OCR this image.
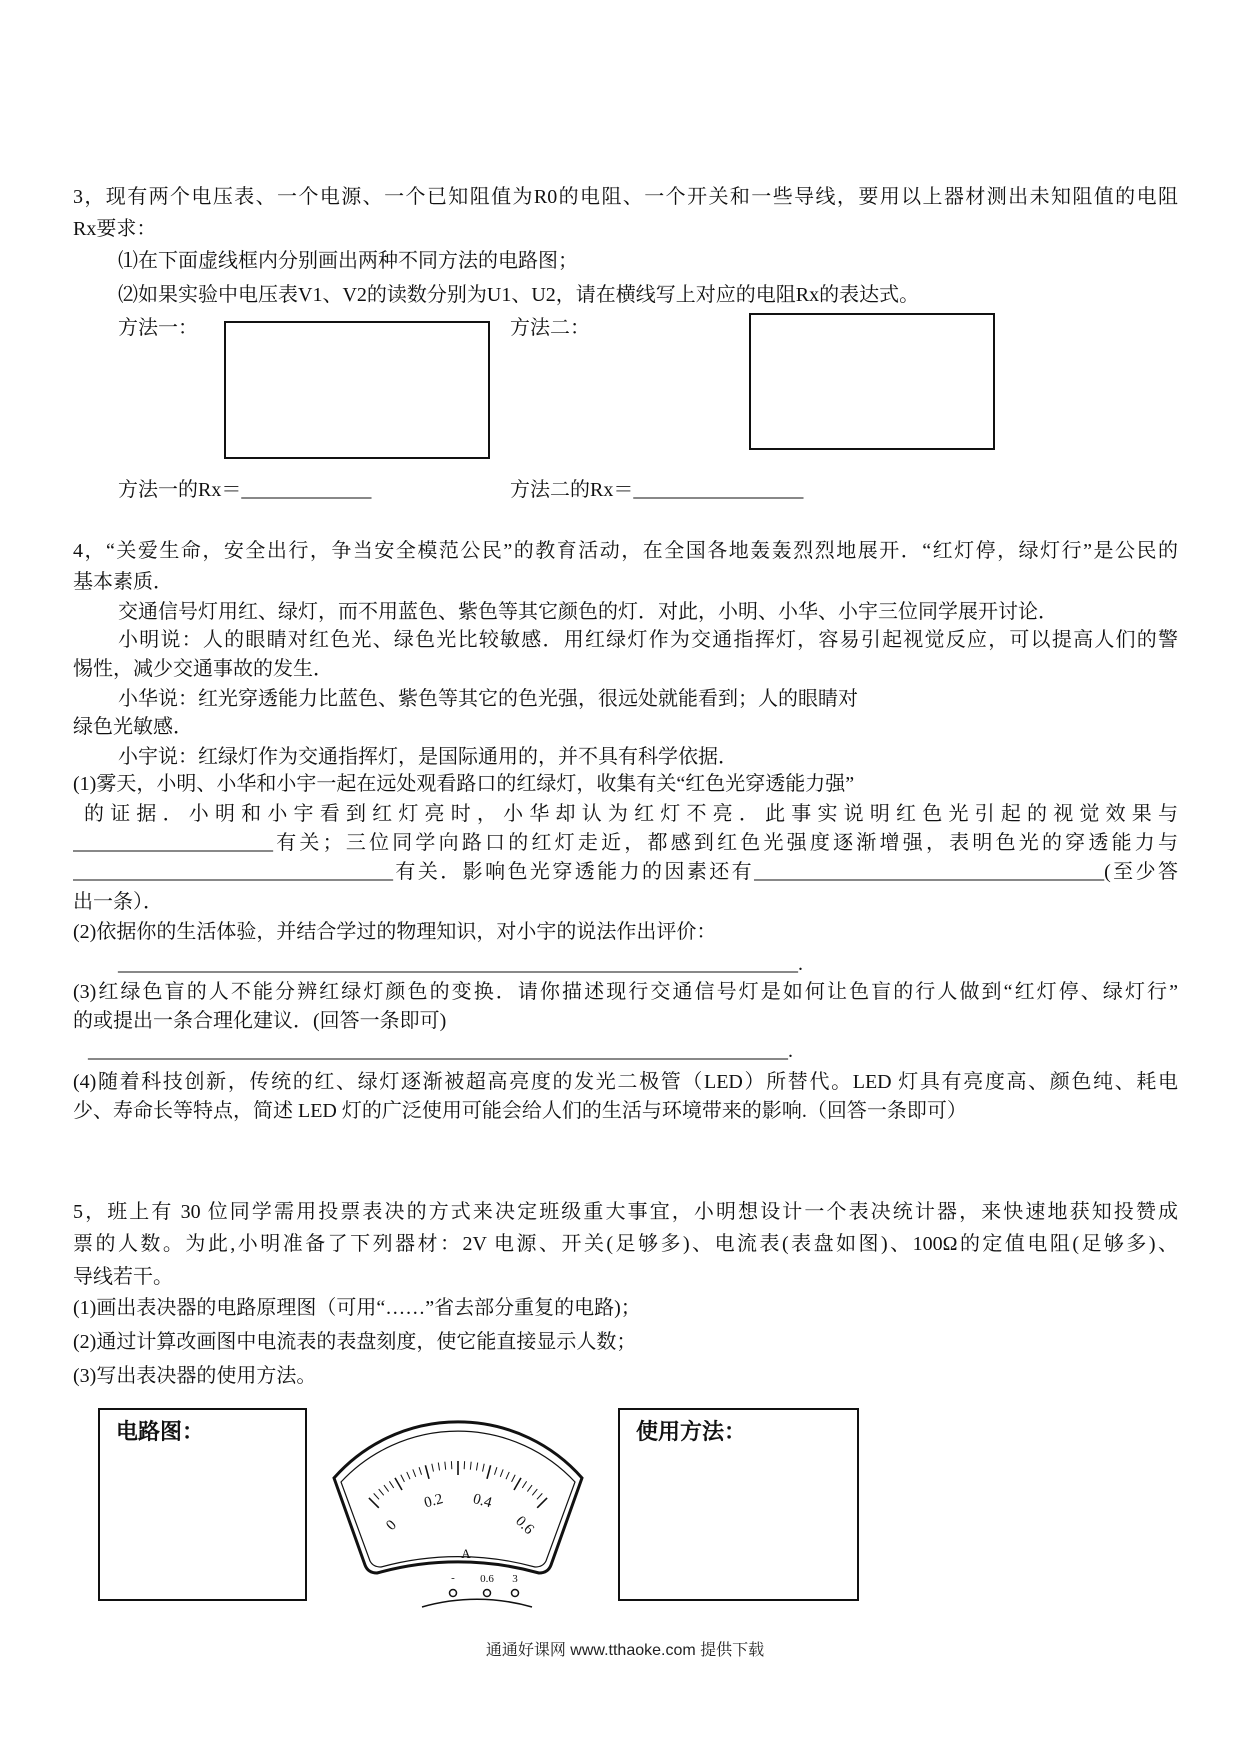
3，现有两个电压表、一个电源、一个已知阻值为R0的电阻、一个开关和一些导线，要用以上器材测出未知阻值的电阻
Rx要求：
⑴在下面虚线框内分别画出两种不同方法的电路图；
⑵如果实验中电压表V1、V2的读数分别为U1、U2，请在横线写上对应的电阻Rx的表达式。
方法一：	方法二：
方法一的Rx＝_____________	方法二的Rx＝_________________
4，“关爱生命，安全出行，争当安全模范公民”的教育活动，在全国各地轰轰烈烈地展开．“红灯停，绿灯行”是公民的
基本素质．
交通信号灯用红、绿灯，而不用蓝色、紫色等其它颜色的灯．对此，小明、小华、小宇三位同学展开讨论．
小明说：人的眼睛对红色光、绿色光比较敏感．用红绿灯作为交通指挥灯，容易引起视觉反应，可以提高人们的警
惕性，减少交通事故的发生．
小华说：红光穿透能力比蓝色、紫色等其它的色光强，很远处就能看到；人的眼睛对
绿色光敏感．
小宇说：红绿灯作为交通指挥灯，是国际通用的，并不具有科学依据．
(1)雾天，小明、小华和小宇一起在远处观看路口的红绿灯，收集有关“红色光穿透能力强”
的证据．小明和小宇看到红灯亮时，小华却认为红灯不亮．此事实说明红色光引起的视觉效果与
____________________有关；三位同学向路口的红灯走近，都感到红色光强度逐渐增强，表明色光的穿透能力与
________________________________有关．影响色光穿透能力的因素还有___________________________________(至少答
出一条）．
(2)依据你的生活体验，并结合学过的物理知识，对小宇的说法作出评价：
____________________________________________________________________.
(3)红绿色盲的人不能分辨红绿灯颜色的变换．请你描述现行交通信号灯是如何让色盲的行人做到“红灯停、绿灯行”
的或提出一条合理化建议．(回答一条即可)
______________________________________________________________________.
(4)随着科技创新，传统的红、绿灯逐渐被超高亮度的发光二极管（LED）所替代。LED 灯具有亮度高、颜色纯、耗电
少、寿命长等特点，简述 LED 灯的广泛使用可能会给人们的生活与环境带来的影响.（回答一条即可）
5，班上有 30 位同学需用投票表决的方式来决定班级重大事宜，小明想设计一个表决统计器，来快速地获知投赞成
票的人数。为此,小明准备了下列器材：2V 电源、开关(足够多)、电流表(表盘如图)、100Ω的定值电阻(足够多)、
导线若干。
(1)画出表决器的电路原理图（可用“……”省去部分重复的电路)；
(2)通过计算改画图中电流表的表盘刻度，使它能直接显示人数；
(3)写出表决器的使用方法。
电路图：
0
0.2 0.4
0.6
A
- 0.6 3
使用方法：
通通好课网 www.tthaoke.com 提供下载
